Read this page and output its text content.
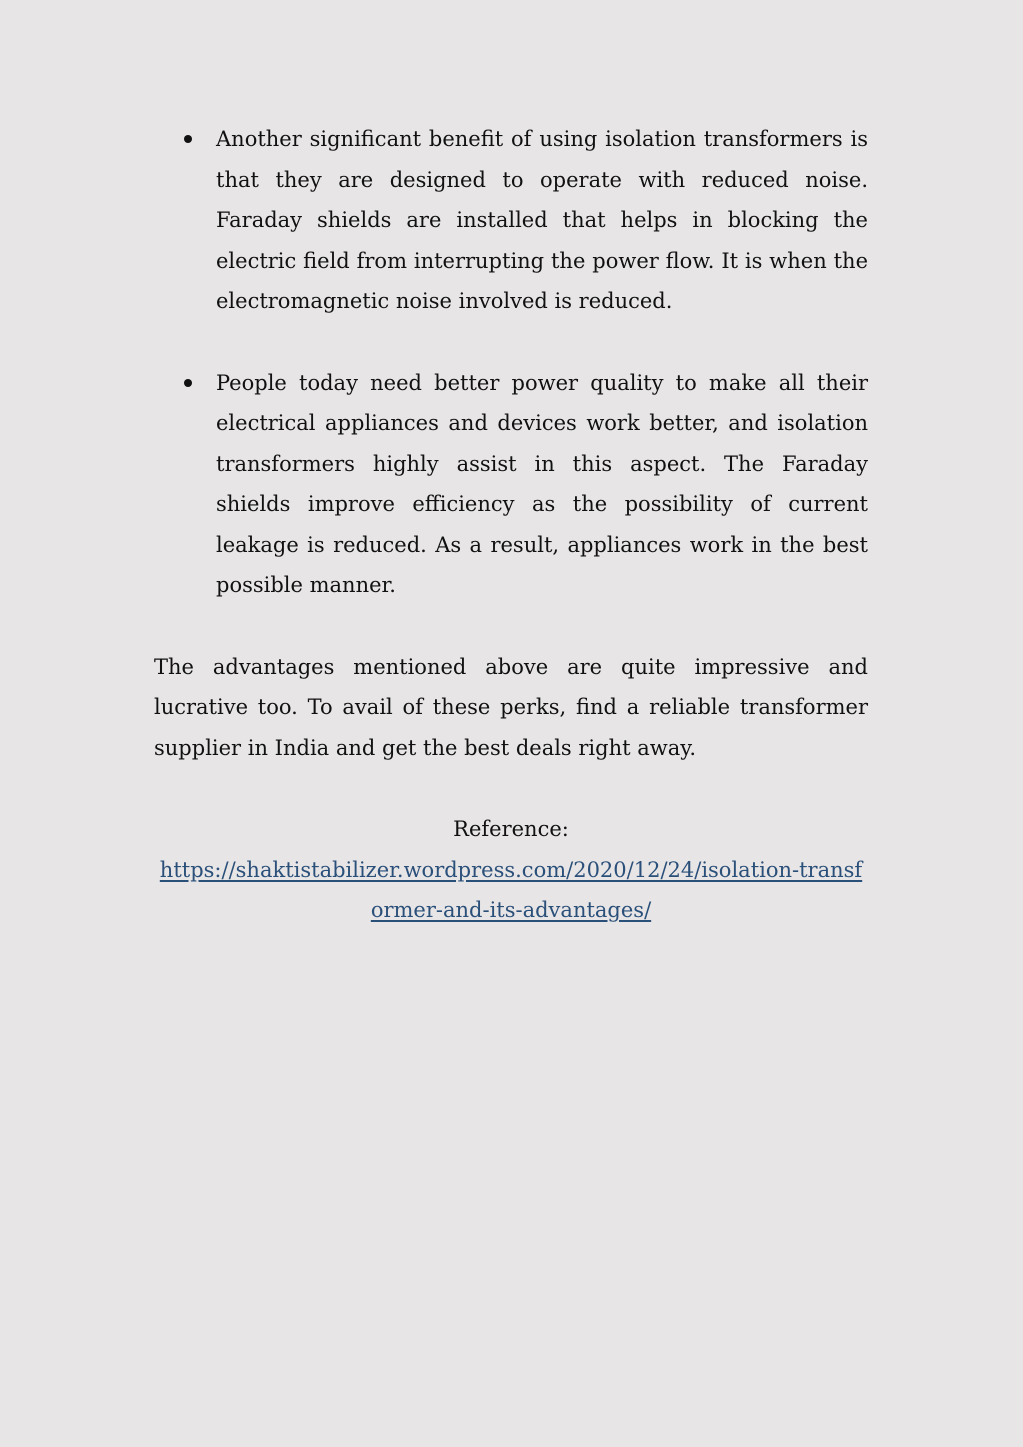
Another significant benefit of using isolation transformers is that they are designed to operate with reduced noise. Faraday shields are installed that helps in blocking the electric field from interrupting the power flow. It is when the electromagnetic noise involved is reduced.
People today need better power quality to make all their electrical appliances and devices work better, and isolation transformers highly assist in this aspect. The Faraday shields improve efficiency as the possibility of current leakage is reduced. As a result, appliances work in the best possible manner.

The advantages mentioned above are quite impressive and lucrative too. To avail of these perks, find a reliable transformer supplier in India and get the best deals right away.

Reference:
https://shaktistabilizer.wordpress.com/2020/12/24/isolation-transformer-and-its-advantages/
